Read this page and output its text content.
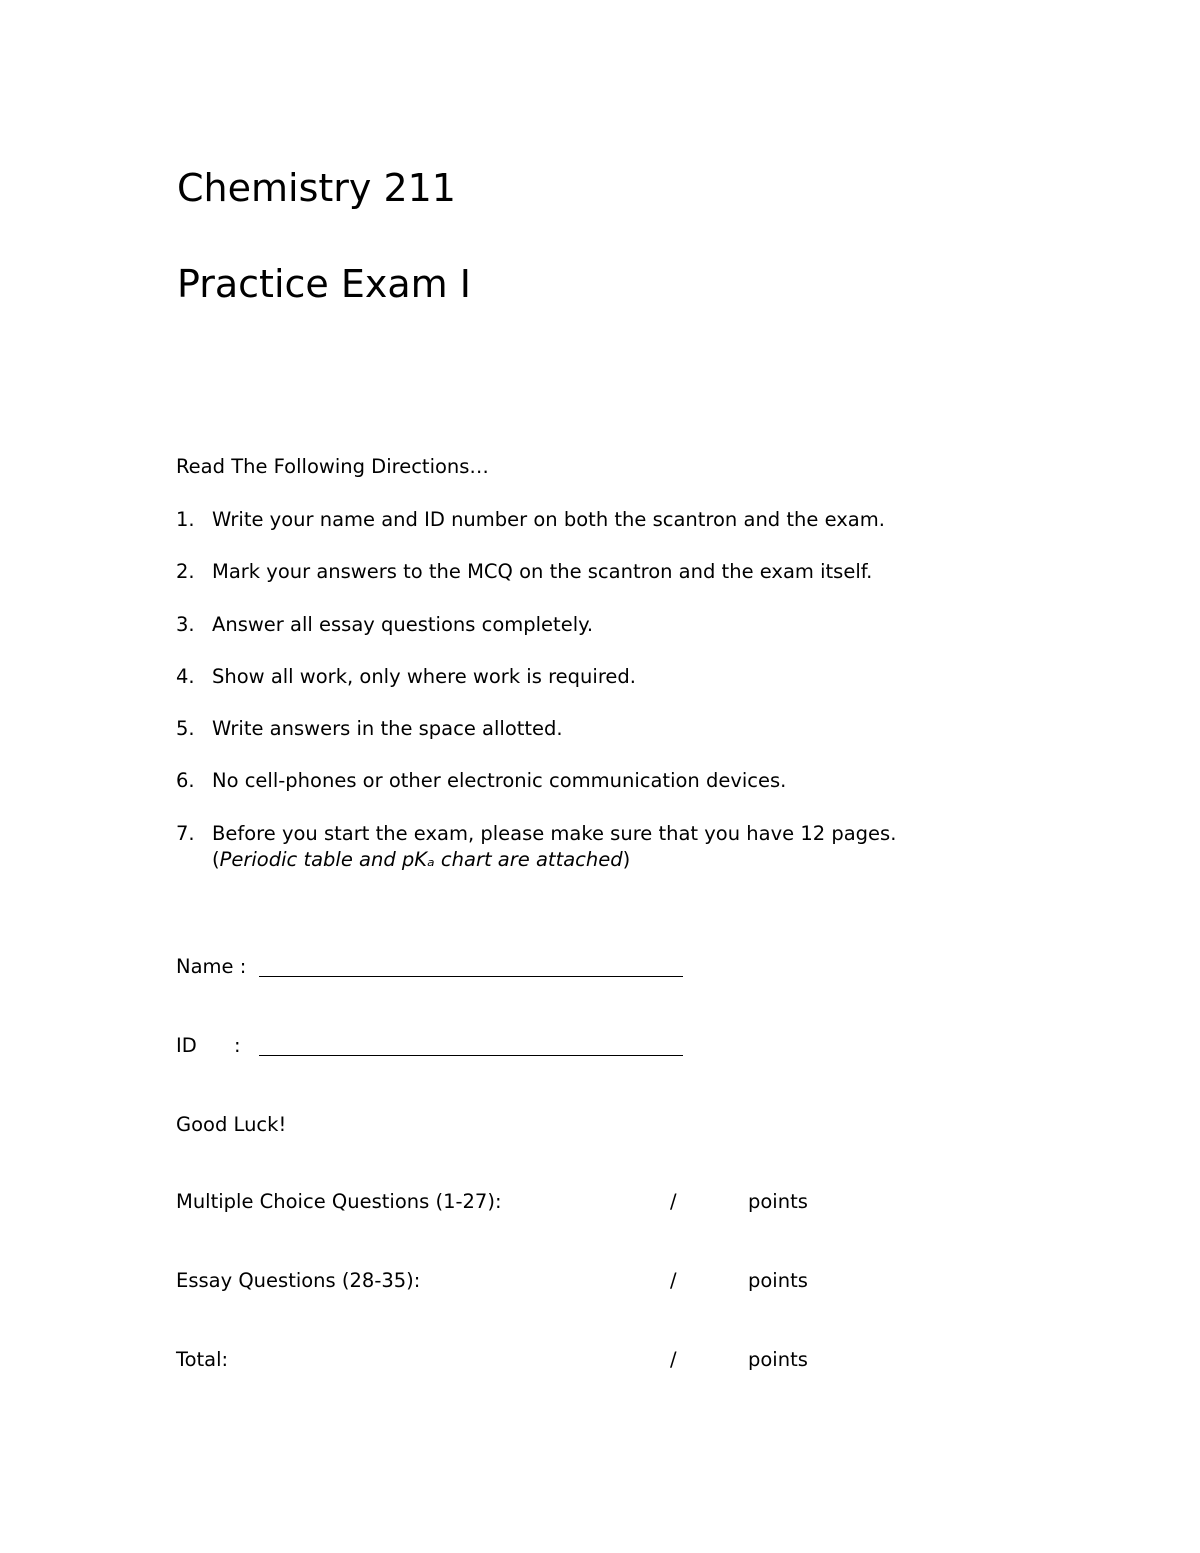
Chemistry 211
Practice Exam I
Read The Following Directions…
1. Write your name and ID number on both the scantron and the exam.
2. Mark your answers to the MCQ on the scantron and the exam itself.
3. Answer all essay questions completely.
4. Show all work, only where work is required.
5. Write answers in the space allotted.
6. No cell-phones or other electronic communication devices.
7. Before you start the exam, please make sure that you have 12 pages.
(Periodic table and pKₐ chart are attached)
Name :
ID      :
Good Luck!
Multiple Choice Questions (1-27):	/	points
Essay Questions (28-35):	/	points
Total:	/	points
